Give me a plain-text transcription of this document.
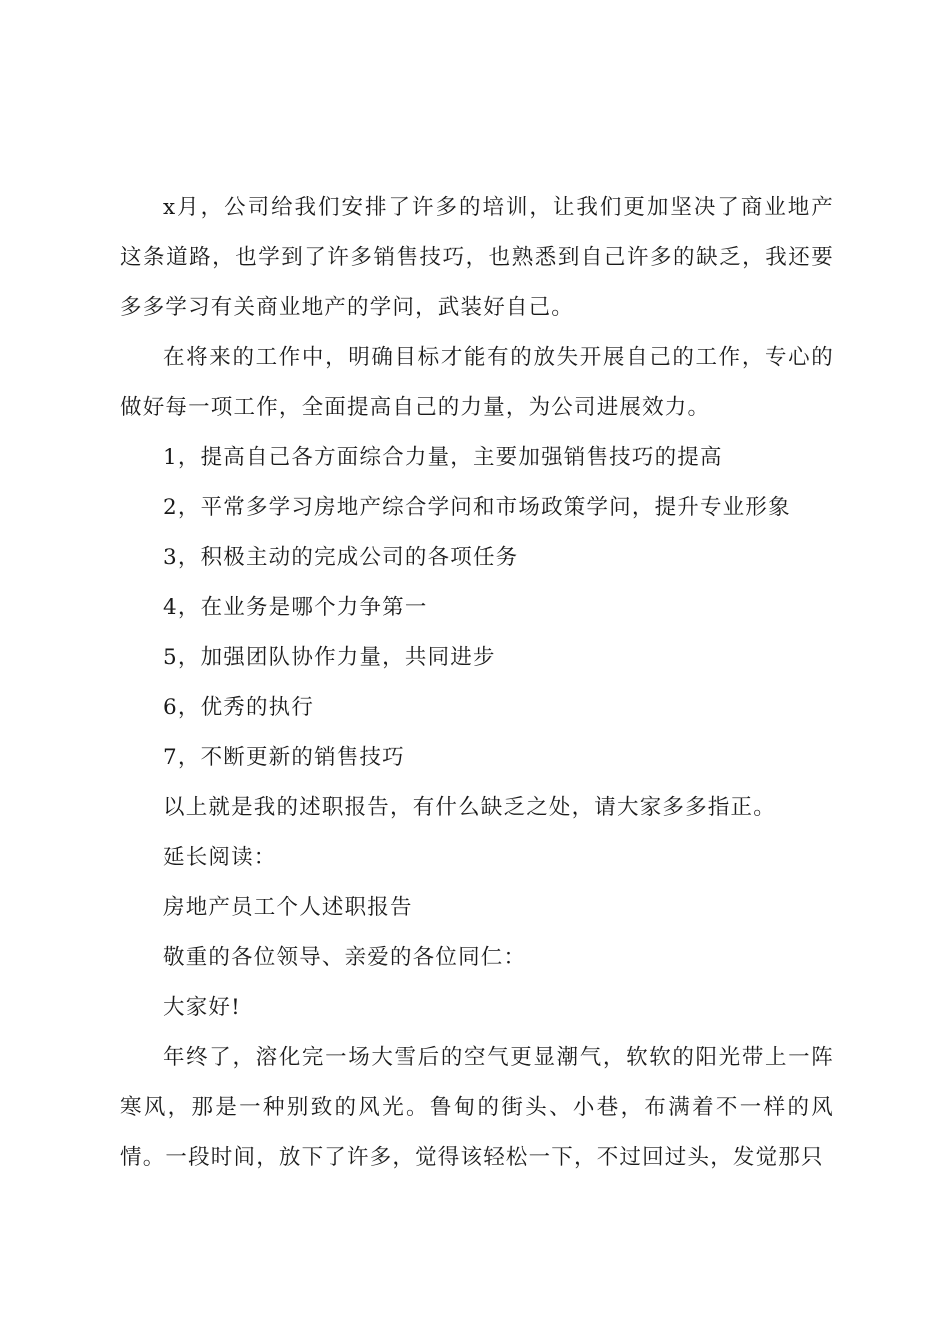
x月，公司给我们安排了许多的培训，让我们更加坚决了商业地产这条道路，也学到了许多销售技巧，也熟悉到自己许多的缺乏，我还要多多学习有关商业地产的学问，武装好自己。

在将来的工作中，明确目标才能有的放失开展自己的工作，专心的做好每一项工作，全面提高自己的力量，为公司进展效力。

1，提高自己各方面综合力量，主要加强销售技巧的提高

2，平常多学习房地产综合学问和市场政策学问，提升专业形象

3，积极主动的完成公司的各项任务

4，在业务是哪个力争第一

5，加强团队协作力量，共同进步

6，优秀的执行

7，不断更新的销售技巧

以上就是我的述职报告，有什么缺乏之处，请大家多多指正。

延长阅读：

房地产员工个人述职报告

敬重的各位领导、亲爱的各位同仁：

大家好!

年终了，溶化完一场大雪后的空气更显潮气，软软的阳光带上一阵寒风，那是一种别致的风光。鲁甸的街头、小巷，布满着不一样的风情。一段时间，放下了许多，觉得该轻松一下，不过回过头，发觉那只
